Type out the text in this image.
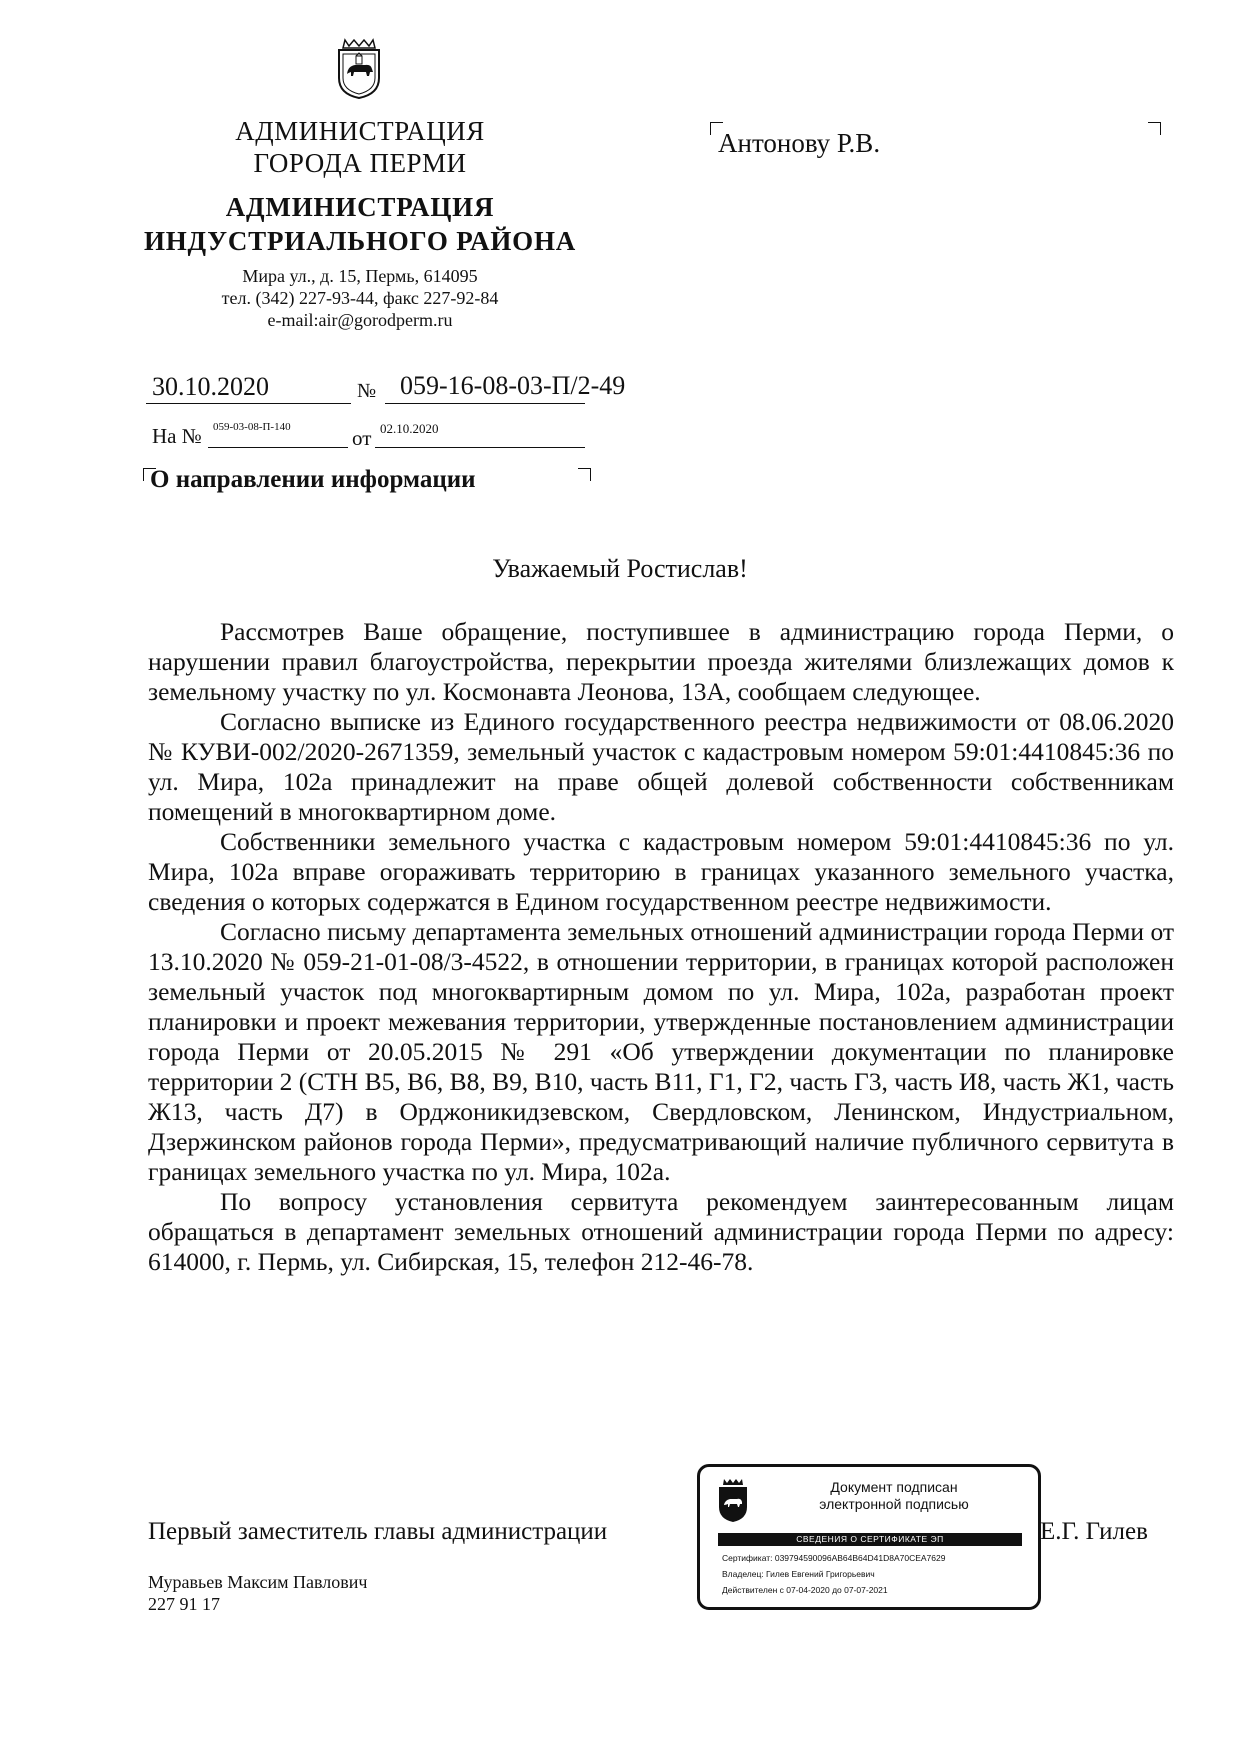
АДМИНИСТРАЦИЯ
ГОРОДА ПЕРМИ
АДМИНИСТРАЦИЯ
ИНДУСТРИАЛЬНОГО РАЙОНА
Мира ул., д. 15, Пермь, 614095
тел. (342) 227-93-44, факс 227-92-84
e-mail:air@gorodperm.ru
30.10.2020	№ 059-16-08-03-П/2-49
На № 059-03-08-П-140	от 02.10.2020
О направлении информации
Антонову Р.В.
Уважаемый Ростислав!

Рассмотрев Ваше обращение, поступившее в администрацию города Перми, о нарушении правил благоустройства, перекрытии проезда жителями близлежащих домов к земельному участку по ул. Космонавта Леонова, 13А, сообщаем следующее.

Согласно выписке из Единого государственного реестра недвижимости от 08.06.2020 № КУВИ-002/2020-2671359, земельный участок с кадастровым номером 59:01:4410845:36 по ул. Мира, 102а принадлежит на праве общей долевой собственности собственникам помещений в многоквартирном доме.

Собственники земельного участка с кадастровым номером 59:01:4410845:36 по ул. Мира, 102а вправе огораживать территорию в границах указанного земельного участка, сведения о которых содержатся в Едином государственном реестре недвижимости.

Согласно письму департамента земельных отношений администрации города Перми от 13.10.2020 № 059-21-01-08/3-4522, в отношении территории, в границах которой расположен земельный участок под многоквартирным домом по ул. Мира, 102а, разработан проект планировки и проект межевания территории, утвержденные постановлением администрации города Перми от 20.05.2015 № 291 «Об утверждении документации по планировке территории 2 (СТН В5, В6, В8, В9, В10, часть В11, Г1, Г2, часть Г3, часть И8, часть Ж1, часть Ж13, часть Д7) в Орджоникидзевском, Свердловском, Ленинском, Индустриальном, Дзержинском районов города Перми», предусматривающий наличие публичного сервитута в границах земельного участка по ул. Мира, 102а.

По вопросу установления сервитута рекомендуем заинтересованным лицам обращаться в департамент земельных отношений администрации города Перми по адресу: 614000, г. Пермь, ул. Сибирская, 15, телефон 212-46-78.

Первый заместитель главы администрации	Е.Г. Гилев
Документ подписан
электронной подписью
СВЕДЕНИЯ О СЕРТИФИКАТЕ ЭП
Сертификат: 039794590096AB64B64D41D8A70CEA7629
Владелец: Гилев Евгений Григорьевич
Действителен с 07-04-2020 до 07-07-2021
Муравьев Максим Павлович
227 91 17
